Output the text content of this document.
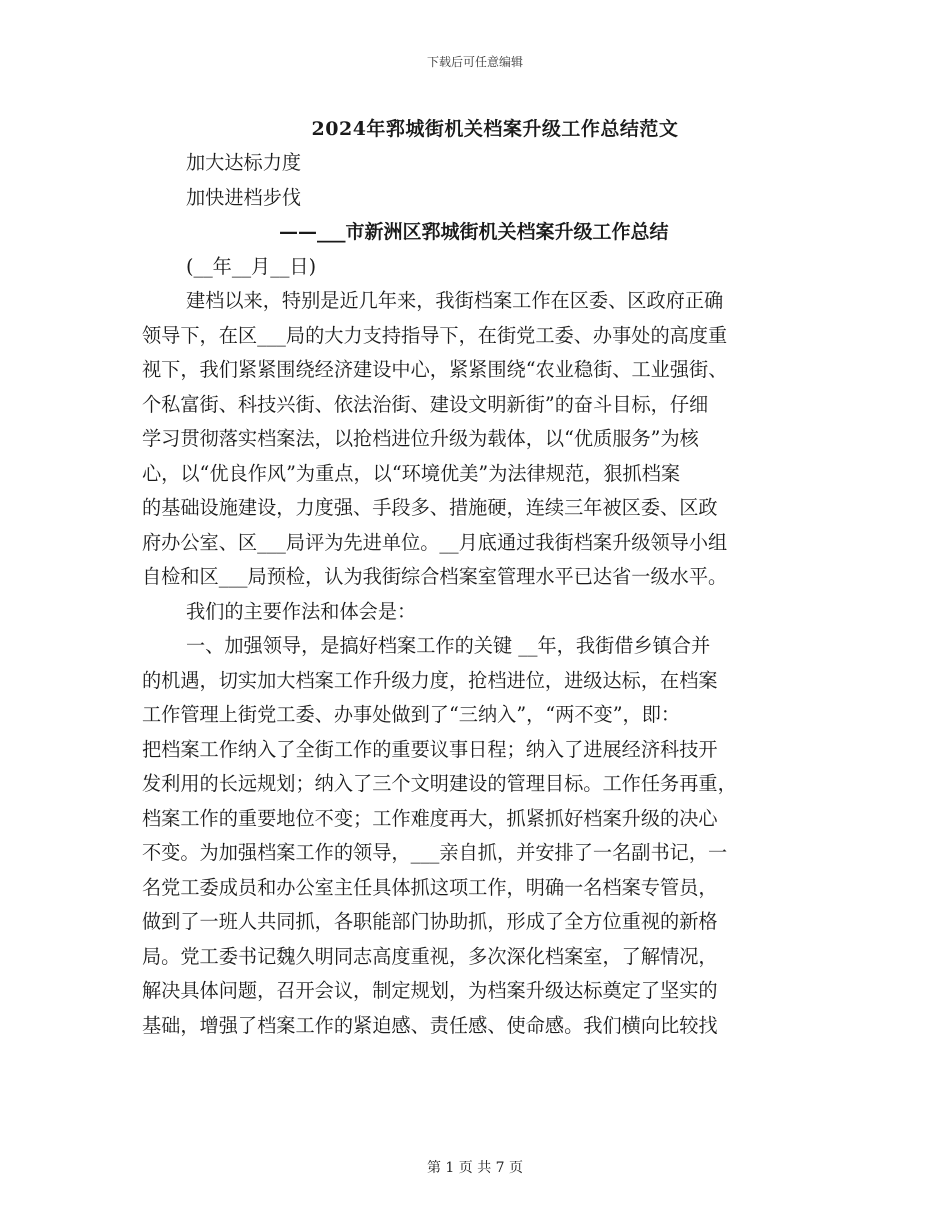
下载后可任意编辑
2024年郛城街机关档案升级工作总结范文
加大达标力度
加快进档步伐
——___市新洲区郛城街机关档案升级工作总结
(__年__月__日)
建档以来，特别是近几年来，我街档案工作在区委、区政府正确
领导下，在区___局的大力支持指导下，在街党工委、办事处的高度重
视下，我们紧紧围绕经济建设中心，紧紧围绕“农业稳街、工业强街、
个私富街、科技兴街、依法治街、建设文明新街”的奋斗目标，仔细
学习贯彻落实档案法，以抢档进位升级为载体，以“优质服务”为核
心，以“优良作风”为重点，以“环境优美”为法律规范，狠抓档案
的基础设施建设，力度强、手段多、措施硬，连续三年被区委、区政
府办公室、区___局评为先进单位。__月底通过我街档案升级领导小组
自检和区___局预检，认为我街综合档案室管理水平已达省一级水平。
我们的主要作法和体会是：
一、加强领导，是搞好档案工作的关键 __年，我街借乡镇合并
的机遇，切实加大档案工作升级力度，抢档进位，进级达标，在档案
工作管理上街党工委、办事处做到了“三纳入”，“两不变”，即：
把档案工作纳入了全街工作的重要议事日程；纳入了进展经济科技开
发利用的长远规划；纳入了三个文明建设的管理目标。工作任务再重，
档案工作的重要地位不变；工作难度再大，抓紧抓好档案升级的决心
不变。为加强档案工作的领导，___亲自抓，并安排了一名副书记，一
名党工委成员和办公室主任具体抓这项工作，明确一名档案专管员，
做到了一班人共同抓，各职能部门协助抓，形成了全方位重视的新格
局。党工委书记魏久明同志高度重视，多次深化档案室，了解情况，
解决具体问题，召开会议，制定规划，为档案升级达标奠定了坚实的
基础，增强了档案工作的紧迫感、责任感、使命感。我们横向比较找
第 1 页 共 7 页
